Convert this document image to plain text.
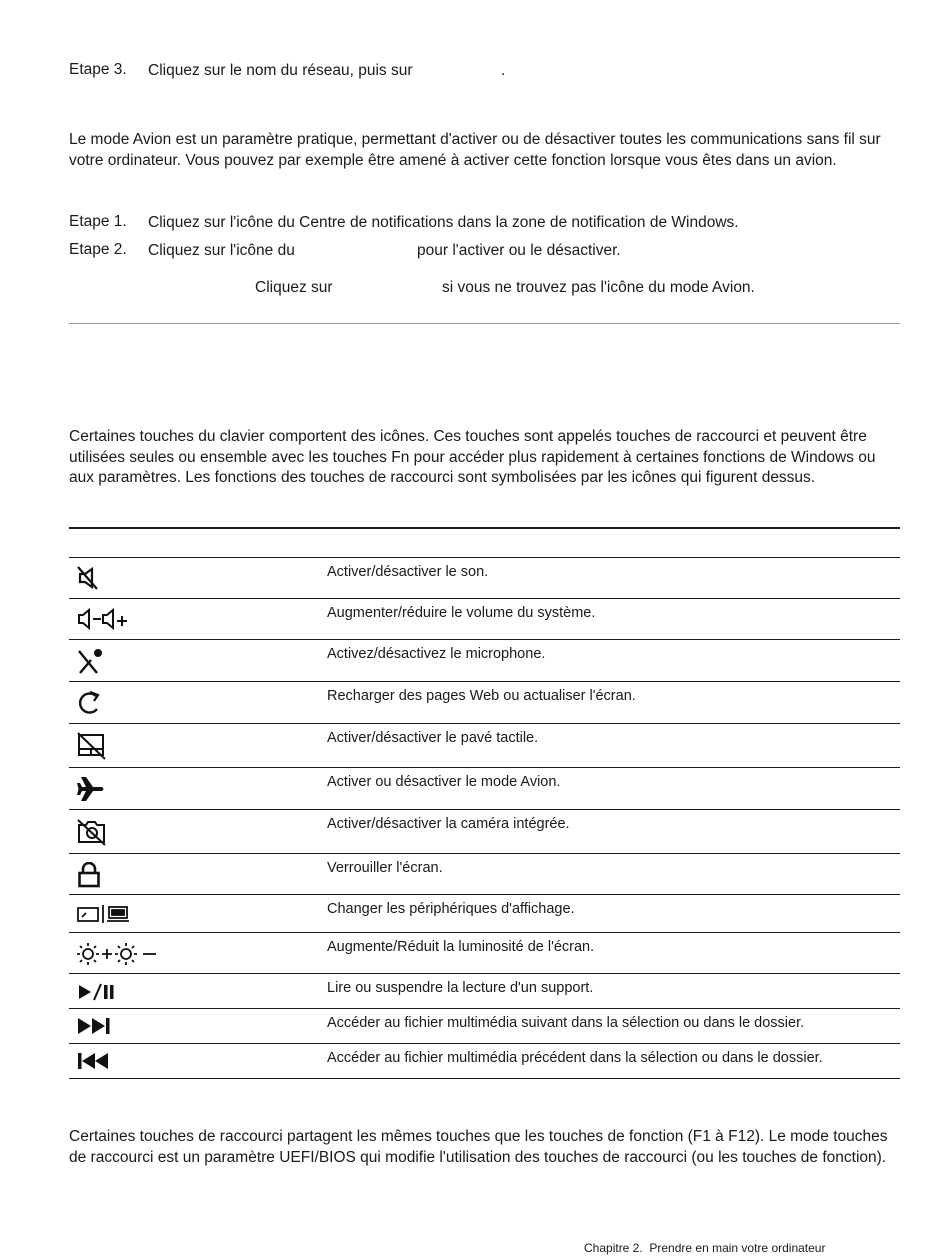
Etape 3. Cliquez sur le nom du réseau, puis sur	.
Le mode Avion est un paramètre pratique, permettant d'activer ou de désactiver toutes les communications sans fil sur votre ordinateur. Vous pouvez par exemple être amené à activer cette fonction lorsque vous êtes dans un avion.
Etape 1. Cliquez sur l'icône du Centre de notifications dans la zone de notification de Windows.
Etape 2. Cliquez sur l'icône du	pour l'activer ou le désactiver.
Cliquez sur	si vous ne trouvez pas l'icône du mode Avion.
Certaines touches du clavier comportent des icônes. Ces touches sont appelés touches de raccourci et peuvent être utilisées seules ou ensemble avec les touches Fn pour accéder plus rapidement à certaines fonctions de Windows ou aux paramètres. Les fonctions des touches de raccourci sont symbolisées par les icônes qui figurent dessus.
Activer/désactiver le son.
Augmenter/réduire le volume du système.
Activez/désactivez le microphone.
Recharger des pages Web ou actualiser l'écran.
Activer/désactiver le pavé tactile.
Activer ou désactiver le mode Avion.
Activer/désactiver la caméra intégrée.
Verrouiller l'écran.
Changer les périphériques d'affichage.
Augmente/Réduit la luminosité de l'écran.
Lire ou suspendre la lecture d'un support.
Accéder au fichier multimédia suivant dans la sélection ou dans le dossier.
Accéder au fichier multimédia précédent dans la sélection ou dans le dossier.
Certaines touches de raccourci partagent les mêmes touches que les touches de fonction (F1 à F12). Le mode touches de raccourci est un paramètre UEFI/BIOS qui modifie l'utilisation des touches de raccourci (ou les touches de fonction).
Chapitre 2. Prendre en main votre ordinateur
